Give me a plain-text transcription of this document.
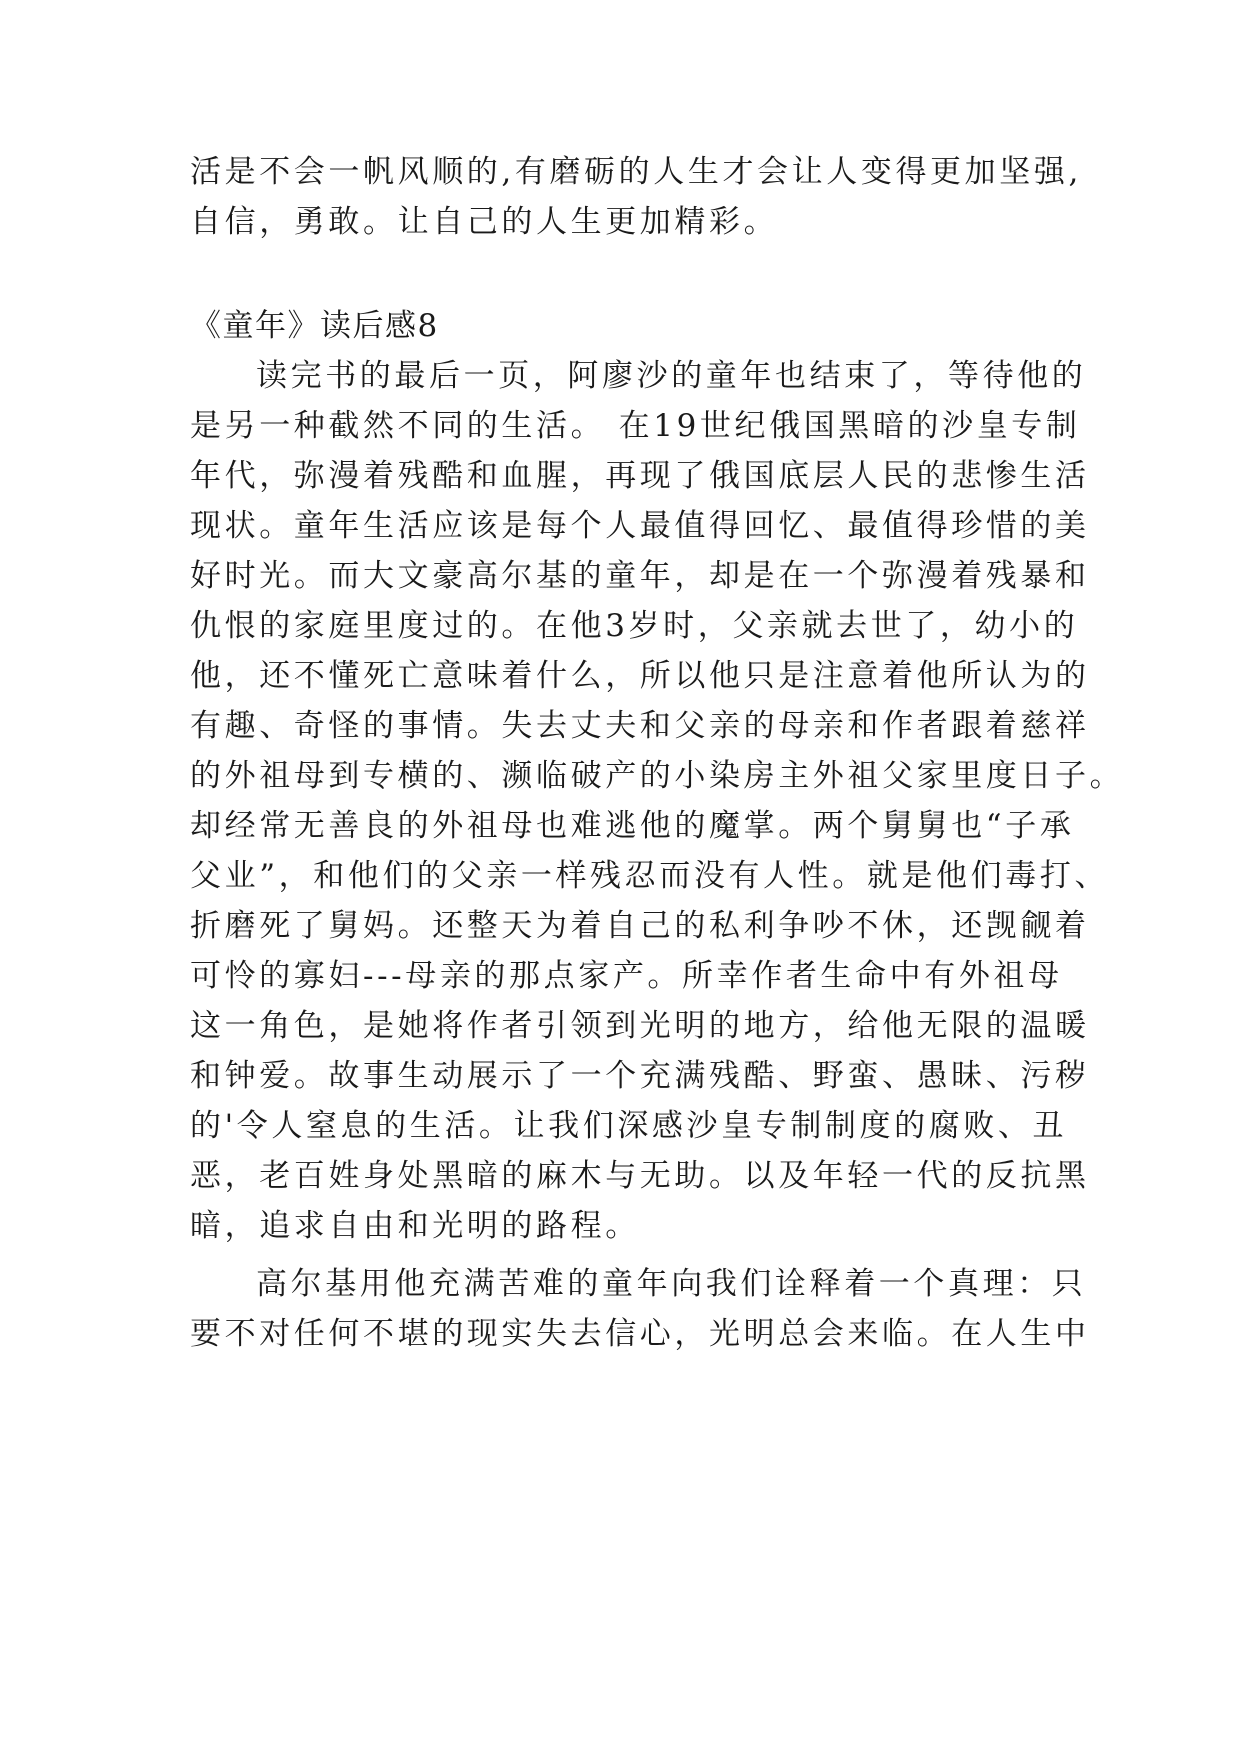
活是不会一帆风顺的,有磨砺的人生才会让人变得更加坚强,
自信，勇敢。让自己的人生更加精彩。
《童年》读后感8
读完书的最后一页，阿廖沙的童年也结束了，等待他的
是另一种截然不同的生活。 在19世纪俄国黑暗的沙皇专制
年代，弥漫着残酷和血腥，再现了俄国底层人民的悲惨生活
现状。童年生活应该是每个人最值得回忆、最值得珍惜的美
好时光。而大文豪高尔基的童年，却是在一个弥漫着残暴和
仇恨的家庭里度过的。在他3岁时，父亲就去世了，幼小的
他，还不懂死亡意味着什么，所以他只是注意着他所认为的
有趣、奇怪的事情。失去丈夫和父亲的母亲和作者跟着慈祥
的外祖母到专横的、濒临破产的小染房主外祖父家里度日子。
却经常无善良的外祖母也难逃他的魔掌。两个舅舅也“子承
父业”，和他们的父亲一样残忍而没有人性。就是他们毒打、
折磨死了舅妈。还整天为着自己的私利争吵不休，还觊觎着
可怜的寡妇---母亲的那点家产。所幸作者生命中有外祖母
这一角色，是她将作者引领到光明的地方，给他无限的温暖
和钟爱。故事生动展示了一个充满残酷、野蛮、愚昧、污秽
的'令人窒息的生活。让我们深感沙皇专制制度的腐败、丑
恶，老百姓身处黑暗的麻木与无助。以及年轻一代的反抗黑
暗，追求自由和光明的路程。
高尔基用他充满苦难的童年向我们诠释着一个真理：只
要不对任何不堪的现实失去信心，光明总会来临。在人生中
